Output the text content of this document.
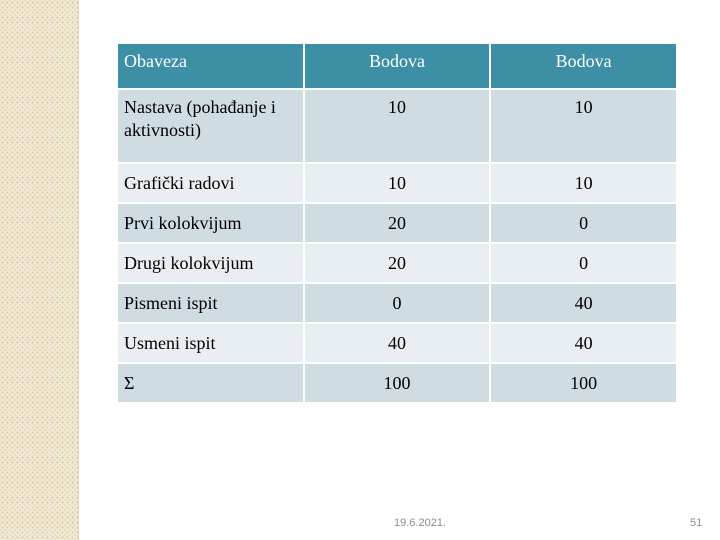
Obaveza	Bodova	Bodova
Nastava (pohađanje i aktivnosti)	10	10
Grafički radovi	10	10
Prvi kolokvijum	20	0
Drugi kolokvijum	20	0
Pismeni ispit	0	40
Usmeni ispit	40	40
Σ	100	100
19.6.2021.	51
